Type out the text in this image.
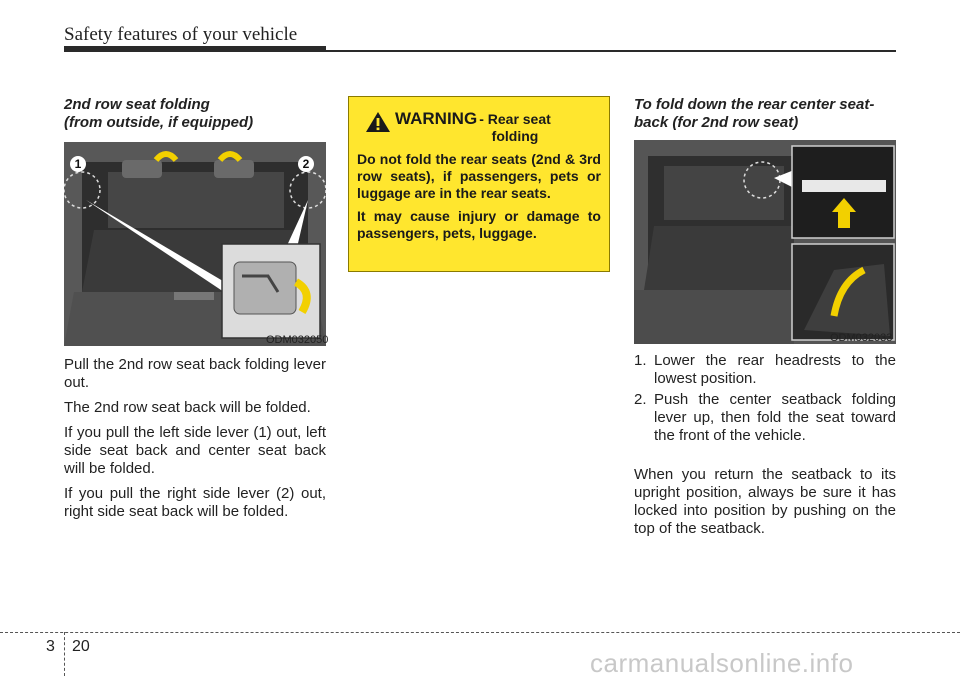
Safety features of your vehicle
2nd row seat folding
(from outside, if equipped)
1	2
ODM032050

Pull the 2nd row seat back folding lever out.

The 2nd row seat back will be folded.

If you pull the left side lever (1) out, left side seat back and center seat back will be folded.

If you pull the right side lever (2) out, right side seat back will be folded.

WARNING - Rear seat folding

Do not fold the rear seats (2nd & 3rd row seats), if passengers, pets or luggage are in the rear seats.

It may cause injury or damage to passengers, pets, luggage.

To fold down the rear center seat-
back (for 2nd row seat)
ODM032033
1. Lower the rear headrests to the lowest position.
2. Push the center seatback folding lever up, then fold the seat toward the front of the vehicle.

When you return the seatback to its upright position, always be sure it has locked into position by pushing on the top of the seatback.

3 20
carmanualsonline.info
